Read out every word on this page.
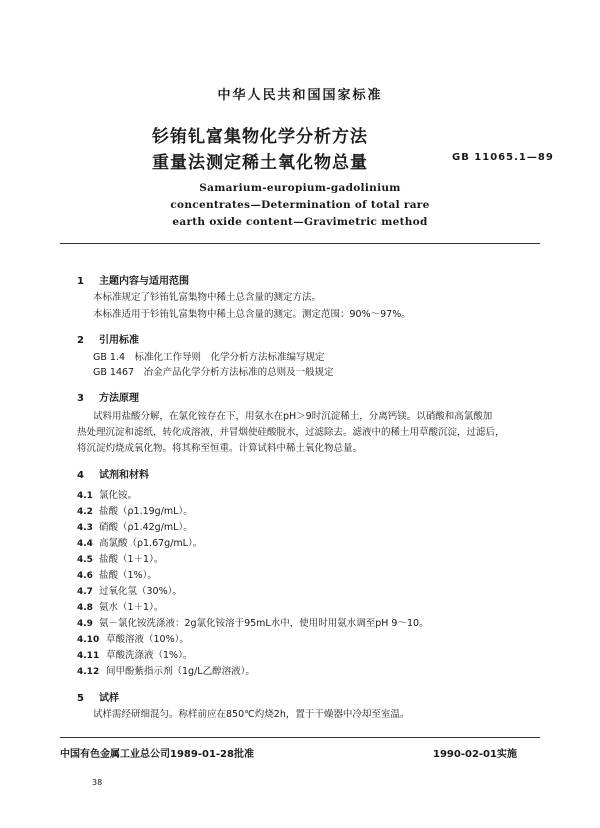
中华人民共和国国家标准
钐铕钆富集物化学分析方法
重量法测定稀土氧化物总量	GB 11065.1—89
Samarium-europium-gadolinium
concentrates—Determination of total rare
earth oxide content—Gravimetric method
1 主题内容与适用范围
本标准规定了钐铕钆富集物中稀土总含量的测定方法。
本标准适用于钐铕钆富集物中稀土总含量的测定。测定范围：90%～97%。
2 引用标准
GB 1.4　标准化工作导则　化学分析方法标准编写规定
GB 1467　冶金产品化学分析方法标准的总则及一般规定
3 方法原理
试料用盐酸分解，在氯化铵存在下，用氨水在pH＞9时沉淀稀土，分离钙镁。以硝酸和高氯酸加
热处理沉淀和滤纸，转化成溶液，并冒烟使硅酸脱水，过滤除去。滤液中的稀土用草酸沉淀，过滤后，
将沉淀灼烧成氧化物。将其称至恒重。计算试料中稀土氧化物总量。
4 试剂和材料
4.1 氯化铵。
4.2 盐酸（ρ1.19g/mL）。
4.3 硝酸（ρ1.42g/mL）。
4.4 高氯酸（ρ1.67g/mL）。
4.5 盐酸（1＋1）。
4.6 盐酸（1%）。
4.7 过氧化氢（30%）。
4.8 氨水（1＋1）。
4.9 氨－氯化铵洗涤液：2g氯化铵溶于95mL水中，使用时用氨水调至pH 9～10。
4.10 草酸溶液（10%）。
4.11 草酸洗涤液（1%）。
4.12 间甲酚紫指示剂（1g/L乙醇溶液）。
5 试样
试样需经研细混匀。称样前应在850℃灼烧2h，置于干燥器中冷却至室温。
中国有色金属工业总公司1989-01-28批准	1990-02-01实施
38
